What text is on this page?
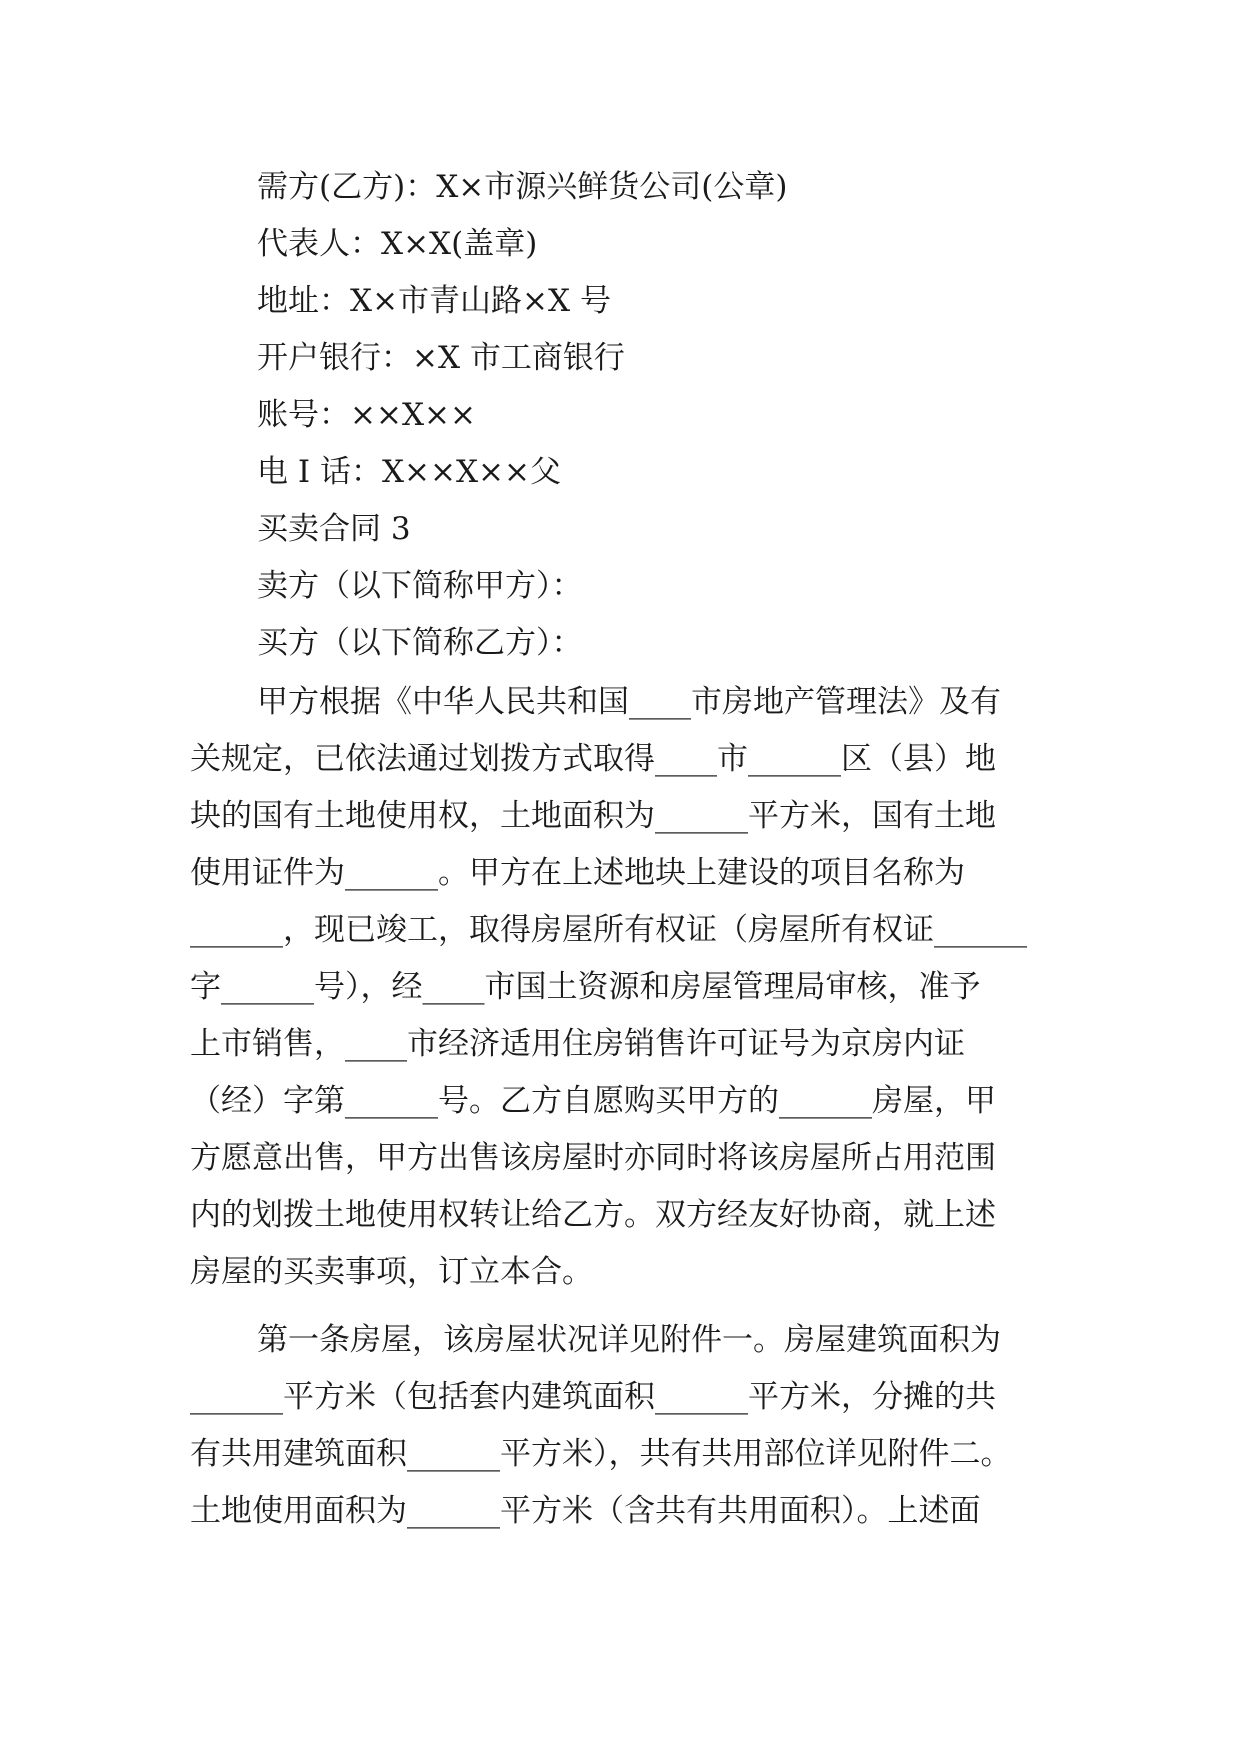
需方(乙方)：X×市源兴鲜货公司(公章)
代表人：X×X(盖章)
地址：X×市青山路×X 号
开户银行：×X 市工商银行
账号：××X××
电 I 话：X××X××父
买卖合同 3
卖方（以下简称甲方）：
买方（以下简称乙方）：
甲方根据《中华人民共和国____市房地产管理法》及有
关规定，已依法通过划拨方式取得____市______区（县）地
块的国有土地使用权，土地面积为______平方米，国有土地
使用证件为______。甲方在上述地块上建设的项目名称为
______，现已竣工，取得房屋所有权证（房屋所有权证______
字______号），经____市国土资源和房屋管理局审核，准予
上市销售，____市经济适用住房销售许可证号为京房内证
（经）字第______号。乙方自愿购买甲方的______房屋，甲
方愿意出售，甲方出售该房屋时亦同时将该房屋所占用范围
内的划拨土地使用权转让给乙方。双方经友好协商，就上述
房屋的买卖事项，订立本合。
第一条房屋，该房屋状况详见附件一。房屋建筑面积为
______平方米（包括套内建筑面积______平方米，分摊的共
有共用建筑面积______平方米），共有共用部位详见附件二。
土地使用面积为______平方米（含共有共用面积）。上述面
